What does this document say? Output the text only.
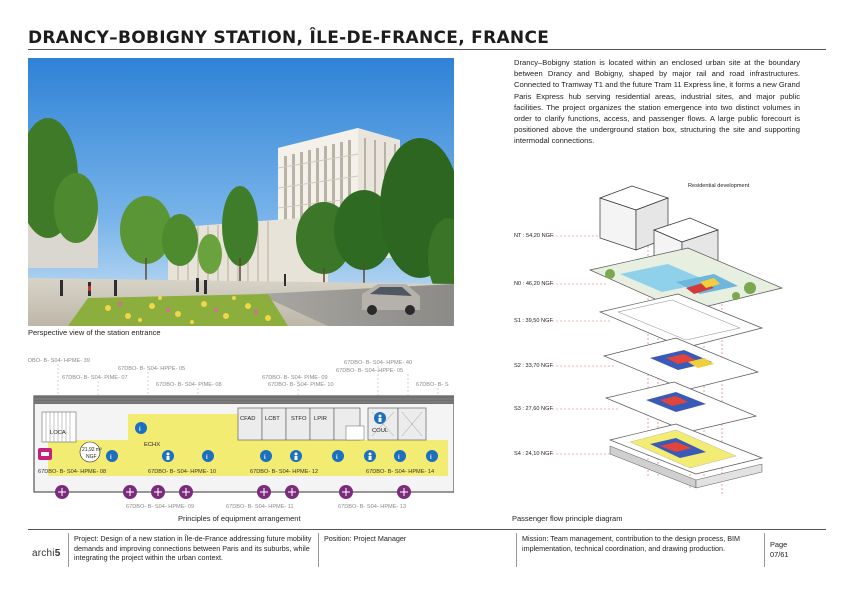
DRANCY–BOBIGNY STATION, ÎLE-DE-FRANCE, FRANCE
Perspective view of the station entrance
Drancy–Bobigny station is located within an enclosed urban site at the boundary between Drancy and Bobigny, shaped by major rail and road infrastructures. Connected to Tramway T1 and the future Tram 11 Express line, it forms a new Grand Paris Express hub serving residential areas, industrial sites, and major public facilities. The project organizes the station emergence into two distinct volumes in order to clarify functions, access, and passenger flows. A large public forecourt is positioned above the underground station box, structuring the site and supporting intermodal connections.
DBO- B- S04- HPME- 39
67DBO- B- S04- HPPE- 05
67DBO- B- S04- HPME- 40
67DBO- B- S04- PIME- 07
67DBO- B- S04- HPPE- 05
67DBO- B- S04- PIME- 09
67DBO- B- S04- PIME- 08	67DBO- B- S04- PIME- 10	67DBO- B- S
CFAD LCBT STFO LPIR
COUL
ECHX
LOCA
21,92 m²
NGF
i
i	i	i	i	i	i
67DBO- B- S04- HPME- 08	67DBO- B- S04- HPME- 10	67DBO- B- S04- HPME- 12	67DBO- B- S04- HPME- 14
67DBO- B- S04- HPME- 09	67DBO- B- S04- HPME- 11	67DBO- B- S04- HPME- 13
Principles of equipment arrangement
Residential development
NT : 54,20 NGF
N0 : 46,20 NGF
S1 : 39,50 NGF
S2 : 33,70 NGF
S3 : 27,60 NGF
S4 : 24,10 NGF
Passenger flow principle diagram
archi5
Project: Design of a new station in Île-de-France addressing future mobility demands and improving connections between Paris and its suburbs, while integrating the project within the urban context.
Position: Project Manager	Mission: Team management, contribution to the design process, BIM implementation, technical coordination, and drawing production.	Page
07/61
